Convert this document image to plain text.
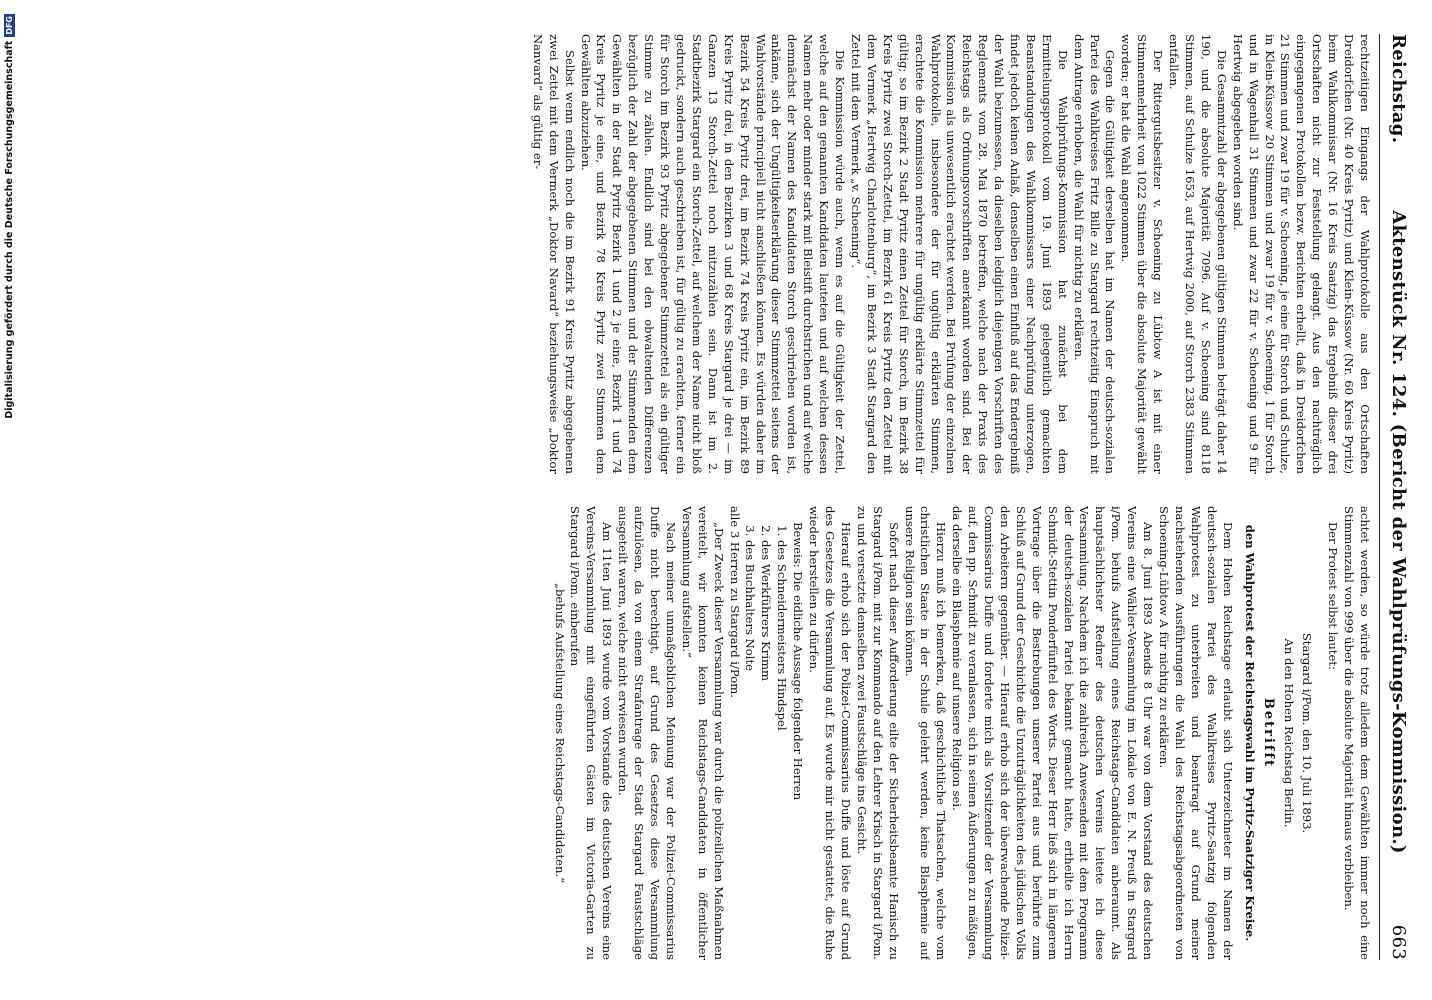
Reichstag.
Aktenstück Nr. 124. (Bericht der Wahlprüfungs-Kommission.)
663

rechtzeitigen Eingangs der Wahlprotokolle aus den Ortschaften Dreidorfchen (Nr. 40 Kreis Pyritz) und Klein-Küssow (Nr. 60 Kreis Pyritz) beim Wahlkommissar (Nr. 16 Kreis Saatzig) das Ergebniß dieser drei Ortschaften nicht zur Feststellung gelangt. Aus den nachträglich eingegangenen Protokollen bezw. Berichten erhellt, daß in Dreidorfchen 21 Stimmen und zwar 19 für v. Schoening, je eine für Storch und Schulze, in Klein-Küssow 20 Stimmen und zwar 19 für v. Schoening, 1 für Storch und in Wagenhall 31 Stimmen und zwar 22 für v. Schoening und 9 für Hertwig abgegeben worden sind.

Die Gesammtzahl der abgegebenen gültigen Stimmen beträgt daher 14 190, und die absolute Majorität 7096. Auf v. Schoening sind 8118 Stimmen, auf Schulze 1653, auf Hertwig 2000, auf Storch 2383 Stimmen entfallen.

Der Rittergutsbesitzer v. Schoening zu Lübtow A ist mit einer Stimmenmehrheit von 1022 Stimmen über die absolute Majorität gewählt worden; er hat die Wahl angenommen.

Gegen die Gültigkeit derselben hat im Namen der deutsch-sozialen Partei des Wahlkreises Fritz Bille zu Stargard rechtzeitig Einspruch mit dem Antrage erhoben, die Wahl für nichtig zu erklären.

Die Wahlprüfungs-Kommission hat zunächst bei dem Ermittelungsprotokoll vom 19. Juni 1893 gelegentlich gemachten Beanstandungen des Wahlkommissars einer Nachprüfung unterzogen, findet jedoch keinen Anlaß, denselben einen Einfluß auf das Endergebniß der Wahl beizumessen, da dieselben lediglich diejenigen Vorschriften des Reglements vom 28. Mai 1870 betreffen, welche nach der Praxis des Reichstags als Ordnungsvorschriften anerkannt worden sind. Bei der Kommission als unwesentlich erachtet werden. Bei Prüfung der einzelnen Wahlprotokolle, insbesondere der für ungültig erklärten Stimmen, erachtete die Kommission mehrere für ungültig erklärte Stimmzettel für gültig; so im Bezirk 2 Stadt Pyritz einen Zettel für Storch, im Bezirk 38 Kreis Pyritz zwei Storch-Zettel, im Bezirk 61 Kreis Pyritz den Zettel mit dem Vermerk „Hertwig Charlottenburg“, im Bezirk 3 Stadt Stargard den Zettel mit dem Vermerk „v. Schoening“.

Die Kommission würde auch, wenn es auf die Gültigkeit der Zettel, welche auf den genannten Kandidaten lauteten und auf welchen dessen Namen mehr oder minder stark mit Bleistift durchstrichen und auf welche demnächst der Namen des Kandidaten Storch geschrieben worden ist, ankäme, sich der Ungültigkeitserklärung dieser Stimmzettel seitens der Wahlvorstände principiell nicht anschließen können. Es würden daher im Bezirk 54 Kreis Pyritz drei, im Bezirk 74 Kreis Pyritz ein, im Bezirk 89 Kreis Pyritz drei, in den Bezirken 3 und 68 Kreis Stargard je drei — im Ganzen 13 Storch-Zettel noch mitzuzählen sein. Dann ist im 2. Stadtbezirk Stargard ein Storch-Zettel, auf welchem der Name nicht bloß gedruckt, sondern auch geschrieben ist, für gültig zu erachten, ferner ein für Storch im Bezirk 93 Pyritz abgegebener Stimmzettel als ein gültiger Stimme zu zählen. Endlich sind bei den obwaltenden Differenzen bezüglich der Zahl der abgegebenen Stimmen und der Stimmenden dem Gewählten in der Stadt Pyritz Bezirk 1 und 2 je eine, Bezirk 1 und 74 Kreis Pyritz je eine, und Bezirk 78 Kreis Pyritz zwei Stimmen dem Gewählten abzuziehen.

Selbst wenn endlich noch die im Bezirk 91 Kreis Pyritz abgegebenen zwei Zettel mit dem Vermerk „Doktor Navard“ beziehungsweise „Doktor Nanvard“ als gültig er-

achtet werden, so würde trotz alledem dem Gewählten immer noch eine Stimmenzahl von 999 über die absolute Majorität hinaus verbleiben.

Der Protest selbst lautet:

Stargard i/Pom. den 10. Juli 1893.

An den Hohen Reichstag Berlin.

Betrifft

den Wahlprotest der Reichstagswahl im Pyritz-Saatziger Kreise.

Dem Hohen Reichstage erlaubt sich Unterzeichneter im Namen der deutsch-sozialen Partei des Wahlkreises Pyritz-Saatzig folgenden Wahlprotest zu unterbreiten und beantragt auf Grund meiner nachstehenden Ausführungen die Wahl des Reichstagsabgeordneten von Schoening-Lübtow A für nichtig zu erklären.

Am 8. Juni 1893 Abends 8 Uhr war von dem Vorstand des deutschen Vereins eine Wähler-Versammlung im Lokale von E. N. Preuß in Stargard i/Pom. behufs Aufstellung eines Reichstags-Candidaten anberaumt. Als hauptsächlichster Redner des deutschen Vereins leitete ich diese Versammlung. Nachdem ich die zahlreich Anwesenden mit dem Programm der deutsch-sozialen Partei bekannt gemacht hatte, ertheilte ich Herrn Schmidt-Stettin Ponderfünftel des Worts. Dieser Herr ließ sich in längerem Vortrage über die Bestrebungen unserer Partei aus und berührte zum Schluß auf Grund der Geschichte die Unzuträglichkeiten des jüdischen Volks den Arbeitern gegenüber. — Hierauf erhob sich der überwachende Polizei-Commissarius Duffe und forderte mich als Vorsitzender der Versammlung auf, den pp. Schmidt zu veranlassen, sich in seinen Äußerungen zu mäßigen, da derselbe ein Blasphemie auf unsere Religion sei.

Hierzu muß ich bemerken, daß geschichtliche Thatsachen, welche vom christlichen Staate in der Schule gelehrt werden, keine Blasphemie auf unsere Religion sein können.

Sofort nach dieser Aufforderung eilte der Sicherheitsbeamte Hanisch zu Stargard i/Pom. mit zur Kommando auf den Lehrer Krisch in Stargard i/Pom. zu und versetzte demselben zwei Faustschläge ins Gesicht.

Hierauf erhob sich der Polizei-Commissarius Duffe und löste auf Grund des Gesetzes die Versammlung auf. Es wurde mir nicht gestattet, die Ruhe wieder herstellen zu dürfen.

Beweis: Die eidliche Aussage folgender Herren

1. des Schneidermeisters Hindspel
2. des Werkführers Krimm
3. des Buchhalters Nolte

alle 3 Herren zu Stargard i/Pom.

„Der Zweck dieser Versammlung war durch die polizeilichen Maßnahmen vereitelt, wir konnten keinen Reichstags-Candidaten in öffentlicher Versammlung aufstellen.“

Nach meiner unmaßgeblichen Meinung war der Polizei-Commissarius Duffe nicht berechtigt, auf Grund des Gesetzes diese Versammlung aufzulösen, da von einem Strafantrage der Stadt Stargard Faustschläge ausgeteilt waren, welche nicht erwiesen wurden.

Am 11ten Juni 1893 wurde vom Vorstande des deutschen Vereins eine Vereins-Versammlung mit eingeführten Gästen im Victoria-Garten zu Stargard i/Pom. einberufen

„behufs Aufstellung eines Reichstags-Candidaten.“

Digitalisierung gefördert durch die Deutsche Forschungsgemeinschaft
DFG
